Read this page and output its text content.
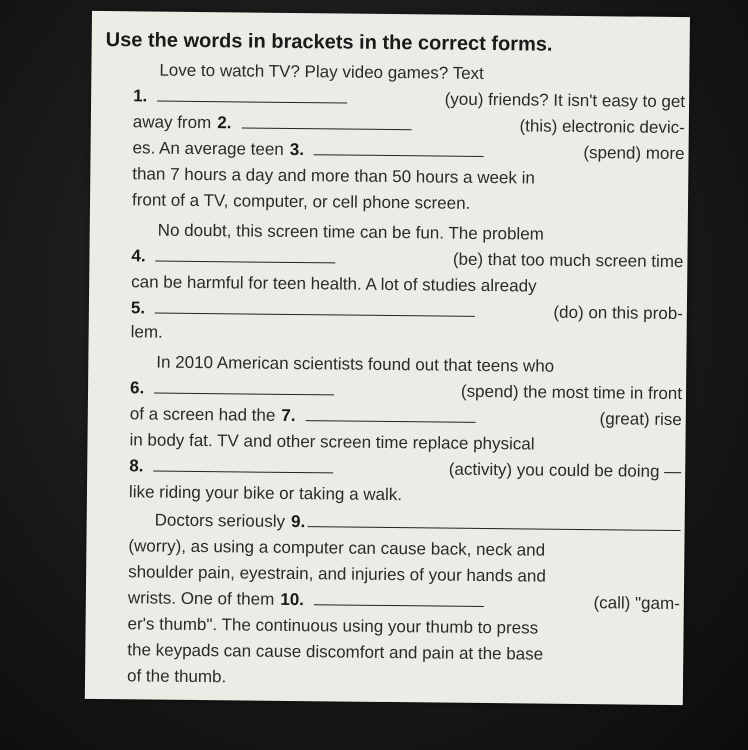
Use the words in brackets in the correct forms.
Love to watch TV? Play video games? Text
1.	(you) friends? It isn't easy to get
away from 2.	(this) electronic devic-
es. An average teen 3.	(spend) more
than 7 hours a day and more than 50 hours a week in
front of a TV, computer, or cell phone screen.
No doubt, this screen time can be fun. The problem
4.	(be) that too much screen time
can be harmful for teen health. A lot of studies already
5.	(do) on this prob-
lem.
In 2010 American scientists found out that teens who
6.	(spend) the most time in front
of a screen had the 7.	(great) rise
in body fat. TV and other screen time replace physical
8.	(activity) you could be doing —
like riding your bike or taking a walk.
Doctors seriously 9.
(worry), as using a computer can cause back, neck and
shoulder pain, eyestrain, and injuries of your hands and
wrists. One of them 10.	(call) "gam-
er's thumb". The continuous using your thumb to press
the keypads can cause discomfort and pain at the base
of the thumb.
